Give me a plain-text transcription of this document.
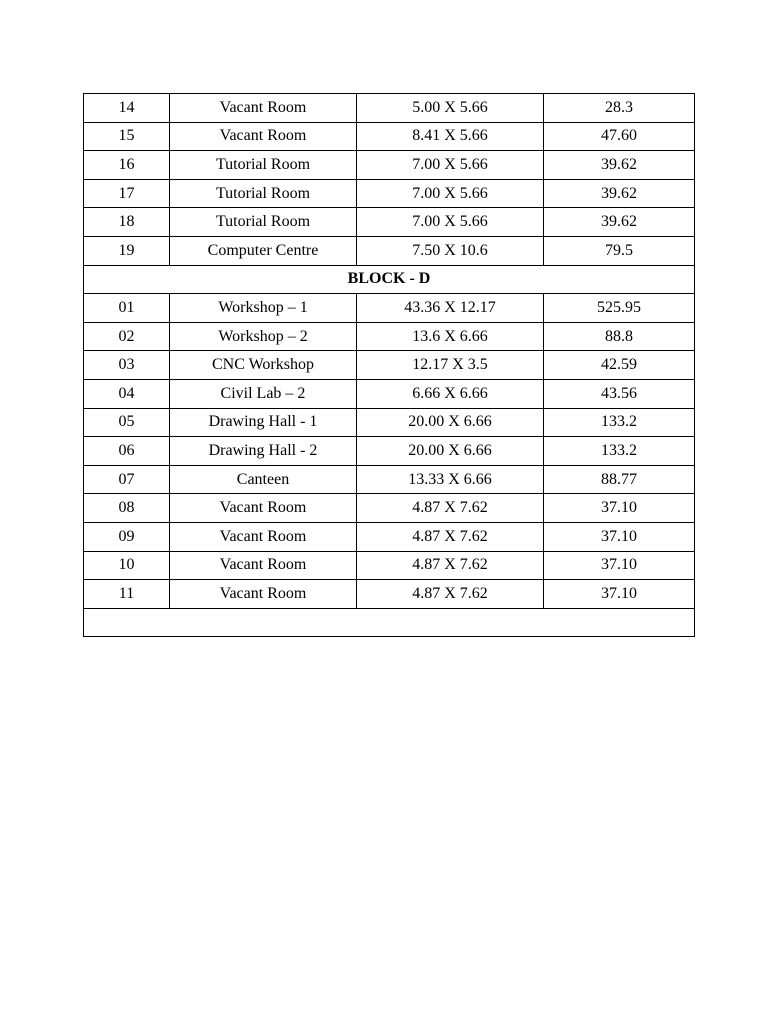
14	Vacant Room	5.00 X 5.66	28.3
15	Vacant Room	8.41 X 5.66	47.60
16	Tutorial Room	7.00 X 5.66	39.62
17	Tutorial Room	7.00 X 5.66	39.62
18	Tutorial Room	7.00 X 5.66	39.62
19	Computer Centre	7.50 X 10.6	79.5
BLOCK - D			
01	Workshop – 1	43.36 X 12.17	525.95
02	Workshop – 2	13.6 X 6.66	88.8
03	CNC Workshop	12.17 X 3.5	42.59
04	Civil Lab – 2	6.66 X 6.66	43.56
05	Drawing Hall - 1	20.00 X 6.66	133.2
06	Drawing Hall - 2	20.00 X 6.66	133.2
07	Canteen	13.33 X 6.66	88.77
08	Vacant Room	4.87 X 7.62	37.10
09	Vacant Room	4.87 X 7.62	37.10
10	Vacant Room	4.87 X 7.62	37.10
11	Vacant Room	4.87 X 7.62	37.10
